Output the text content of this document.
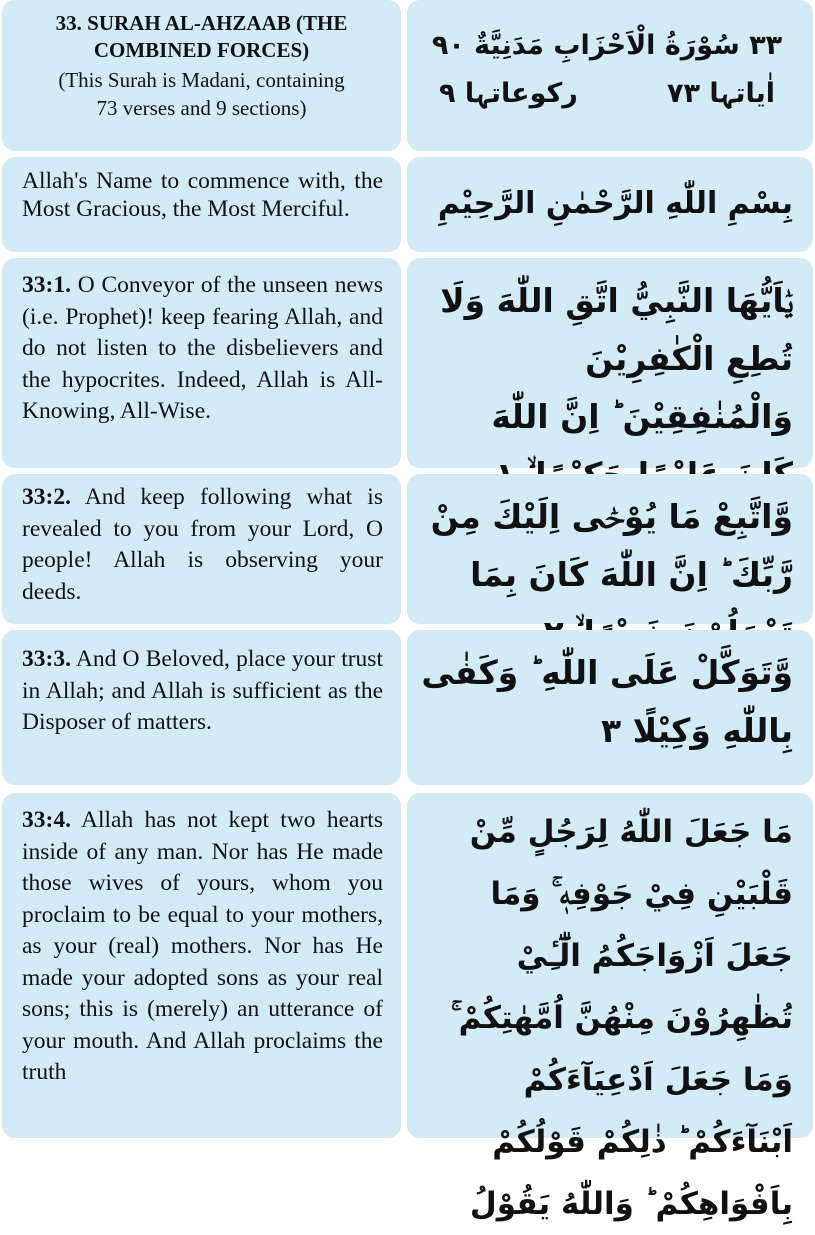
33. SURAH AL-AHZAAB (THE

COMBINED FORCES)

(This Surah is Madani, containing

73 verses and 9 sections)

۳۳ سُوْرَةُ الْاَحْزَابِ مَدَنِيَّةٌ ۹۰

اٰیاتہا ۷۳
رکوعاتہا ۹

Allah's Name to commence with, the Most Gracious, the Most Merciful.	بِسْمِ اللّٰهِ الرَّحْمٰنِ الرَّحِيْمِ

33:1. O Conveyor of the unseen news (i.e. Prophet)! keep fearing Allah, and do not listen to the disbelievers and the hypocrites. Indeed, Allah is All-Knowing, All-Wise.

يٰۤاَيُّهَا النَّبِيُّ اتَّقِ اللّٰهَ وَلَا تُطِعِ الْكٰفِرِيْنَ وَالْمُنٰفِقِيْنَ ؕ اِنَّ اللّٰهَ

33:2. And keep following what is revealed to you from your Lord, O people! Allah is observing your deeds.

وَّاتَّبِعْ مَا يُوْحٰۤى اِلَيْكَ مِنْ رَّبِّكَ ؕ اِنَّ اللّٰهَ كَانَ بِمَا

33:3. And O Beloved, place your trust in Allah; and Allah is sufficient as the Disposer of matters.

وَّتَوَكَّلْ عَلَى اللّٰهِ ؕ وَكَفٰى بِاللّٰهِ وَكِيْلًا ۳

33:4. Allah has not kept two hearts inside of any man. Nor has He made those wives of yours, whom you proclaim to be equal to your mothers, as your (real) mothers. Nor has He made your adopted sons as your real sons; this is (merely) an utterance of your mouth. And Allah proclaims the truth

مَا جَعَلَ اللّٰهُ لِرَجُلٍ مِّنْ قَلْبَيْنِ فِيْ جَوْفِهٖ ۚ وَمَا جَعَلَ اَزْوَاجَكُمُ الّٰٓـِٔيْ تُظٰهِرُوْنَ مِنْهُنَّ اُمَّهٰتِكُمْ ۚ وَمَا جَعَلَ اَدْعِيَآءَكُمْ اَبْنَآءَكُمْ ؕ ذٰلِكُمْ قَوْلُكُمْ بِاَفْوَاهِكُمْ ؕ وَاللّٰهُ يَقُوْلُ
